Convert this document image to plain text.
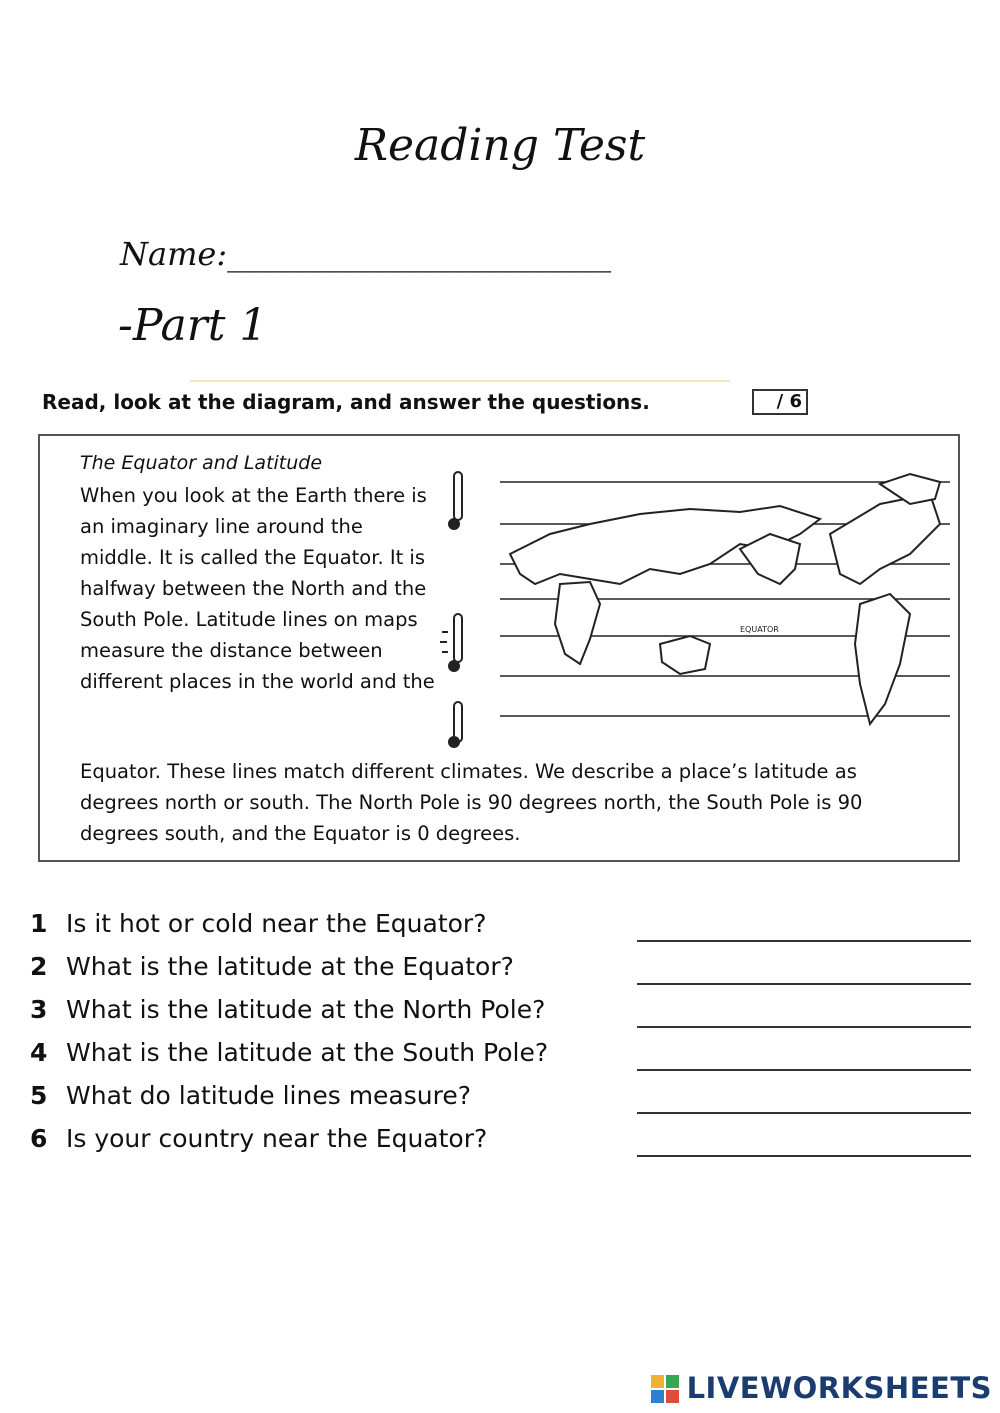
Reading Test
Name:________________________
-Part 1
Read, look at the diagram, and answer the questions.	/ 6
The Equator and Latitude
When you look at the Earth there is an imaginary line around the middle. It is called the Equator. It is halfway between the North and the South Pole. Latitude lines on maps measure the distance between different places in the world and the
Equator. These lines match different climates. We describe a place’s latitude as degrees north or south. The North Pole is 90 degrees north, the South Pole is 90 degrees south, and the Equator is 0 degrees.
EQUATOR
1 Is it hot or cold near the Equator?
2 What is the latitude at the Equator?
3 What is the latitude at the North Pole?
4 What is the latitude at the South Pole?
5 What do latitude lines measure?
6 Is your country near the Equator?
LIVEWORKSHEETS
